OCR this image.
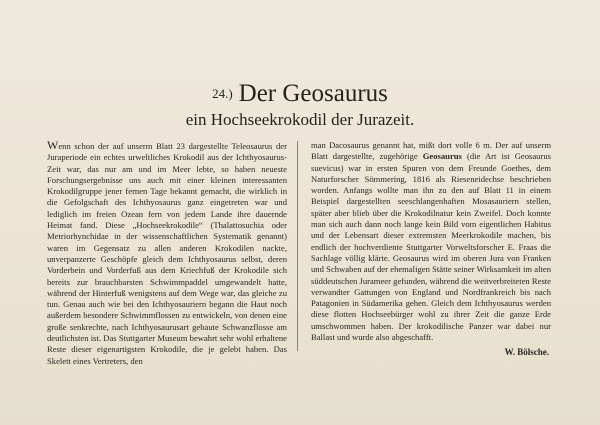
24.) Der Geosaurus
ein Hochseekrokodil der Jurazeit.

Wenn schon der auf unserm Blatt 23 dargestellte Teleosaurus der Juraperiode ein echtes urweltliches Krokodil aus der Ichthyosaurus-Zeit war, das nur am und im Meer lebte, so haben neueste Forschungsergebnisse uns auch mit einer kleinen interessanten Krokodilgruppe jener fernen Tage bekannt gemacht, die wirklich in die Gefolgschaft des Ichthyosaurus ganz eingetreten war und lediglich im freien Ozean fern von jedem Lande ihre dauernde Heimat fand. Diese „Hochseekrokodile“ (Thalattosuchia oder Metriorhynchidae in der wissenschaftlichen Systematik genannt) waren im Gegensatz zu allen anderen Krokodilen nackte, unverpanzerte Geschöpfe gleich dem Ichthyosaurus selbst, deren Vorderbein und Vorderfuß aus dem Kriechfuß der Krokodile sich bereits zur brauchbarsten Schwimmpaddel umgewandelt hatte, während der Hinterfuß wenigstens auf dem Wege war, das gleiche zu tun. Genau auch wie bei den Ichthyosauriern begann die Haut noch außerdem besondere Schwimmflossen zu entwickeln, von denen eine große senkrechte, nach Ichthyosaurusart gebaute Schwanzflosse am deutlichsten ist. Das Stuttgarter Museum bewahrt sehr wohl erhaltene Reste dieser eigenartigsten Krokodile, die je gelebt haben. Das Skelett eines Vertreters, den

man Dacosaurus genannt hat, mißt dort volle 6 m. Der auf unserm Blatt dargestellte, zugehörige Geosaurus (die Art ist Geosaurus suevicus) war in ersten Spuren von dem Freunde Goethes, dem Naturforscher Sömmering, 1816 als Rieseneidechse beschrieben worden. Anfangs wollte man ihn zu den auf Blatt 11 in einem Beispiel dargestellten seeschlangenhaften Mosasauriern stellen, später aber blieb über die Krokodilnatur kein Zweifel. Doch konnte man sich auch dann noch lange kein Bild vom eigentlichen Habitus und der Lebensart dieser extremsten Meerkrokodile machen, bis endlich der hochverdiente Stuttgarter Vorweltsforscher E. Fraas die Sachlage völlig klärte. Geosaurus wird im oberen Jura von Franken und Schwaben auf der ehemaligen Stätte seiner Wirksamkeit im alten süddeutschen Jurameer gefunden, während die weitverbreiteten Reste verwandter Gattungen von England und Nordfrankreich bis nach Patagonien in Südamerika gehen. Gleich dem Ichthyosaurus werden diese flotten Hochseebürger wohl zu ihrer Zeit die ganze Erde umschwommen haben. Der krokodilische Panzer war dabei nur Ballast und wurde also abgeschafft.

W. Bölsche.
